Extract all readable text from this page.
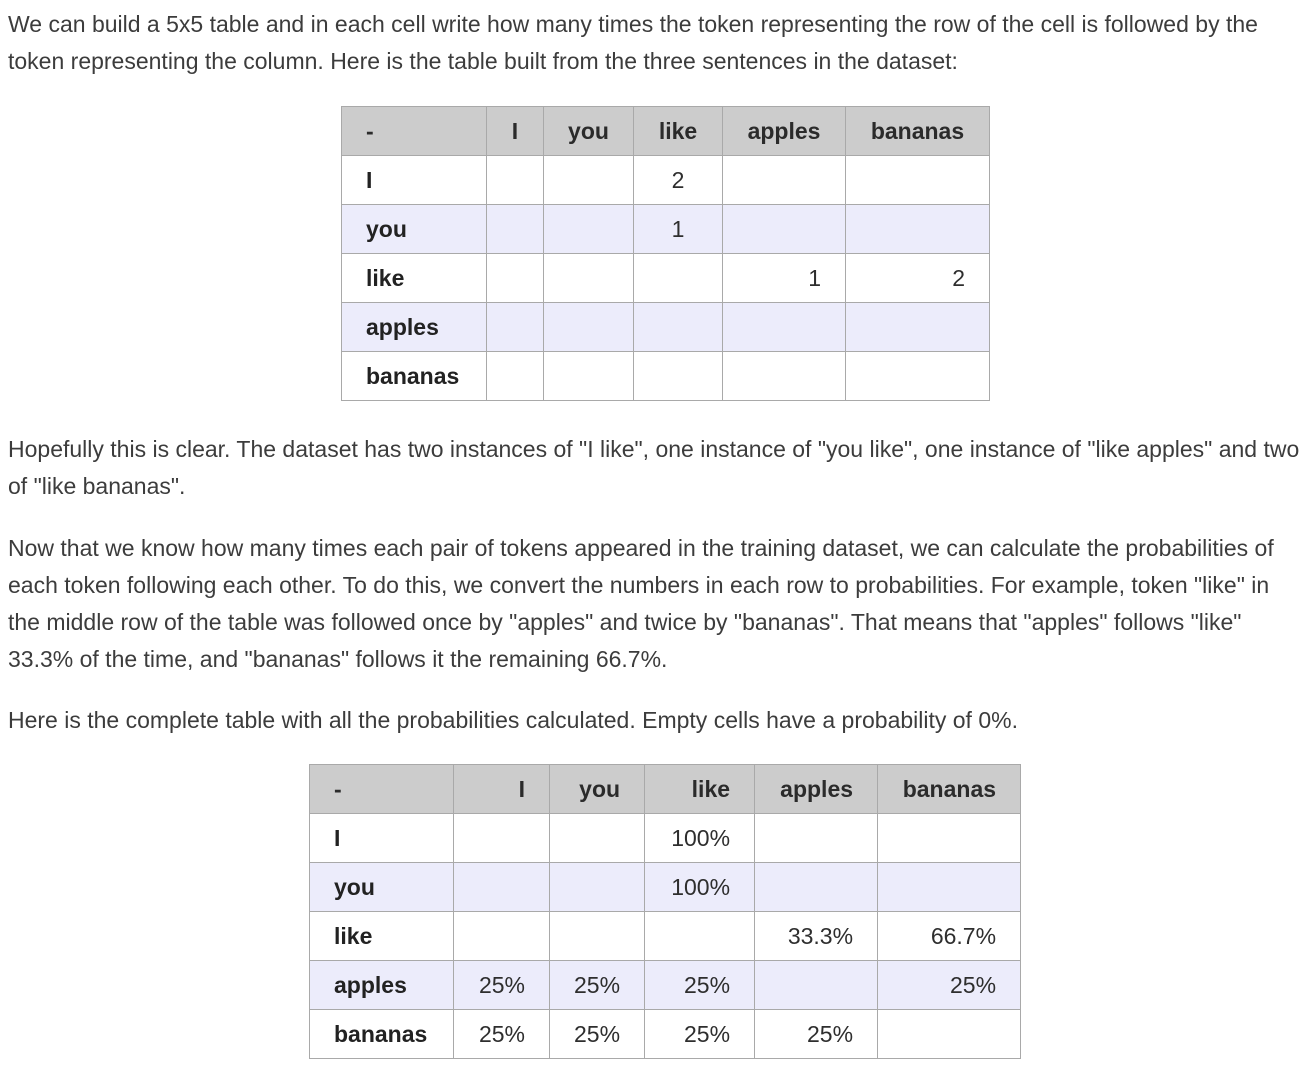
We can build a 5x5 table and in each cell write how many times the token representing the row of the cell is followed by the token representing the column. Here is the table built from the three sentences in the dataset:

-	I	you	like	apples	bananas
I			2		
you			1		
like				1	2
apples					
bananas					

Hopefully this is clear. The dataset has two instances of "I like", one instance of "you like", one instance of "like apples" and two of "like bananas".

Now that we know how many times each pair of tokens appeared in the training dataset, we can calculate the probabilities of each token following each other. To do this, we convert the numbers in each row to probabilities. For example, token "like" in the middle row of the table was followed once by "apples" and twice by "bananas". That means that "apples" follows "like" 33.3% of the time, and "bananas" follows it the remaining 66.7%.

Here is the complete table with all the probabilities calculated. Empty cells have a probability of 0%.

-	I	you	like	apples	bananas
I			100%		
you			100%		
like				33.3%	66.7%
apples	25%	25%	25%		25%
bananas	25%	25%	25%	25%	
